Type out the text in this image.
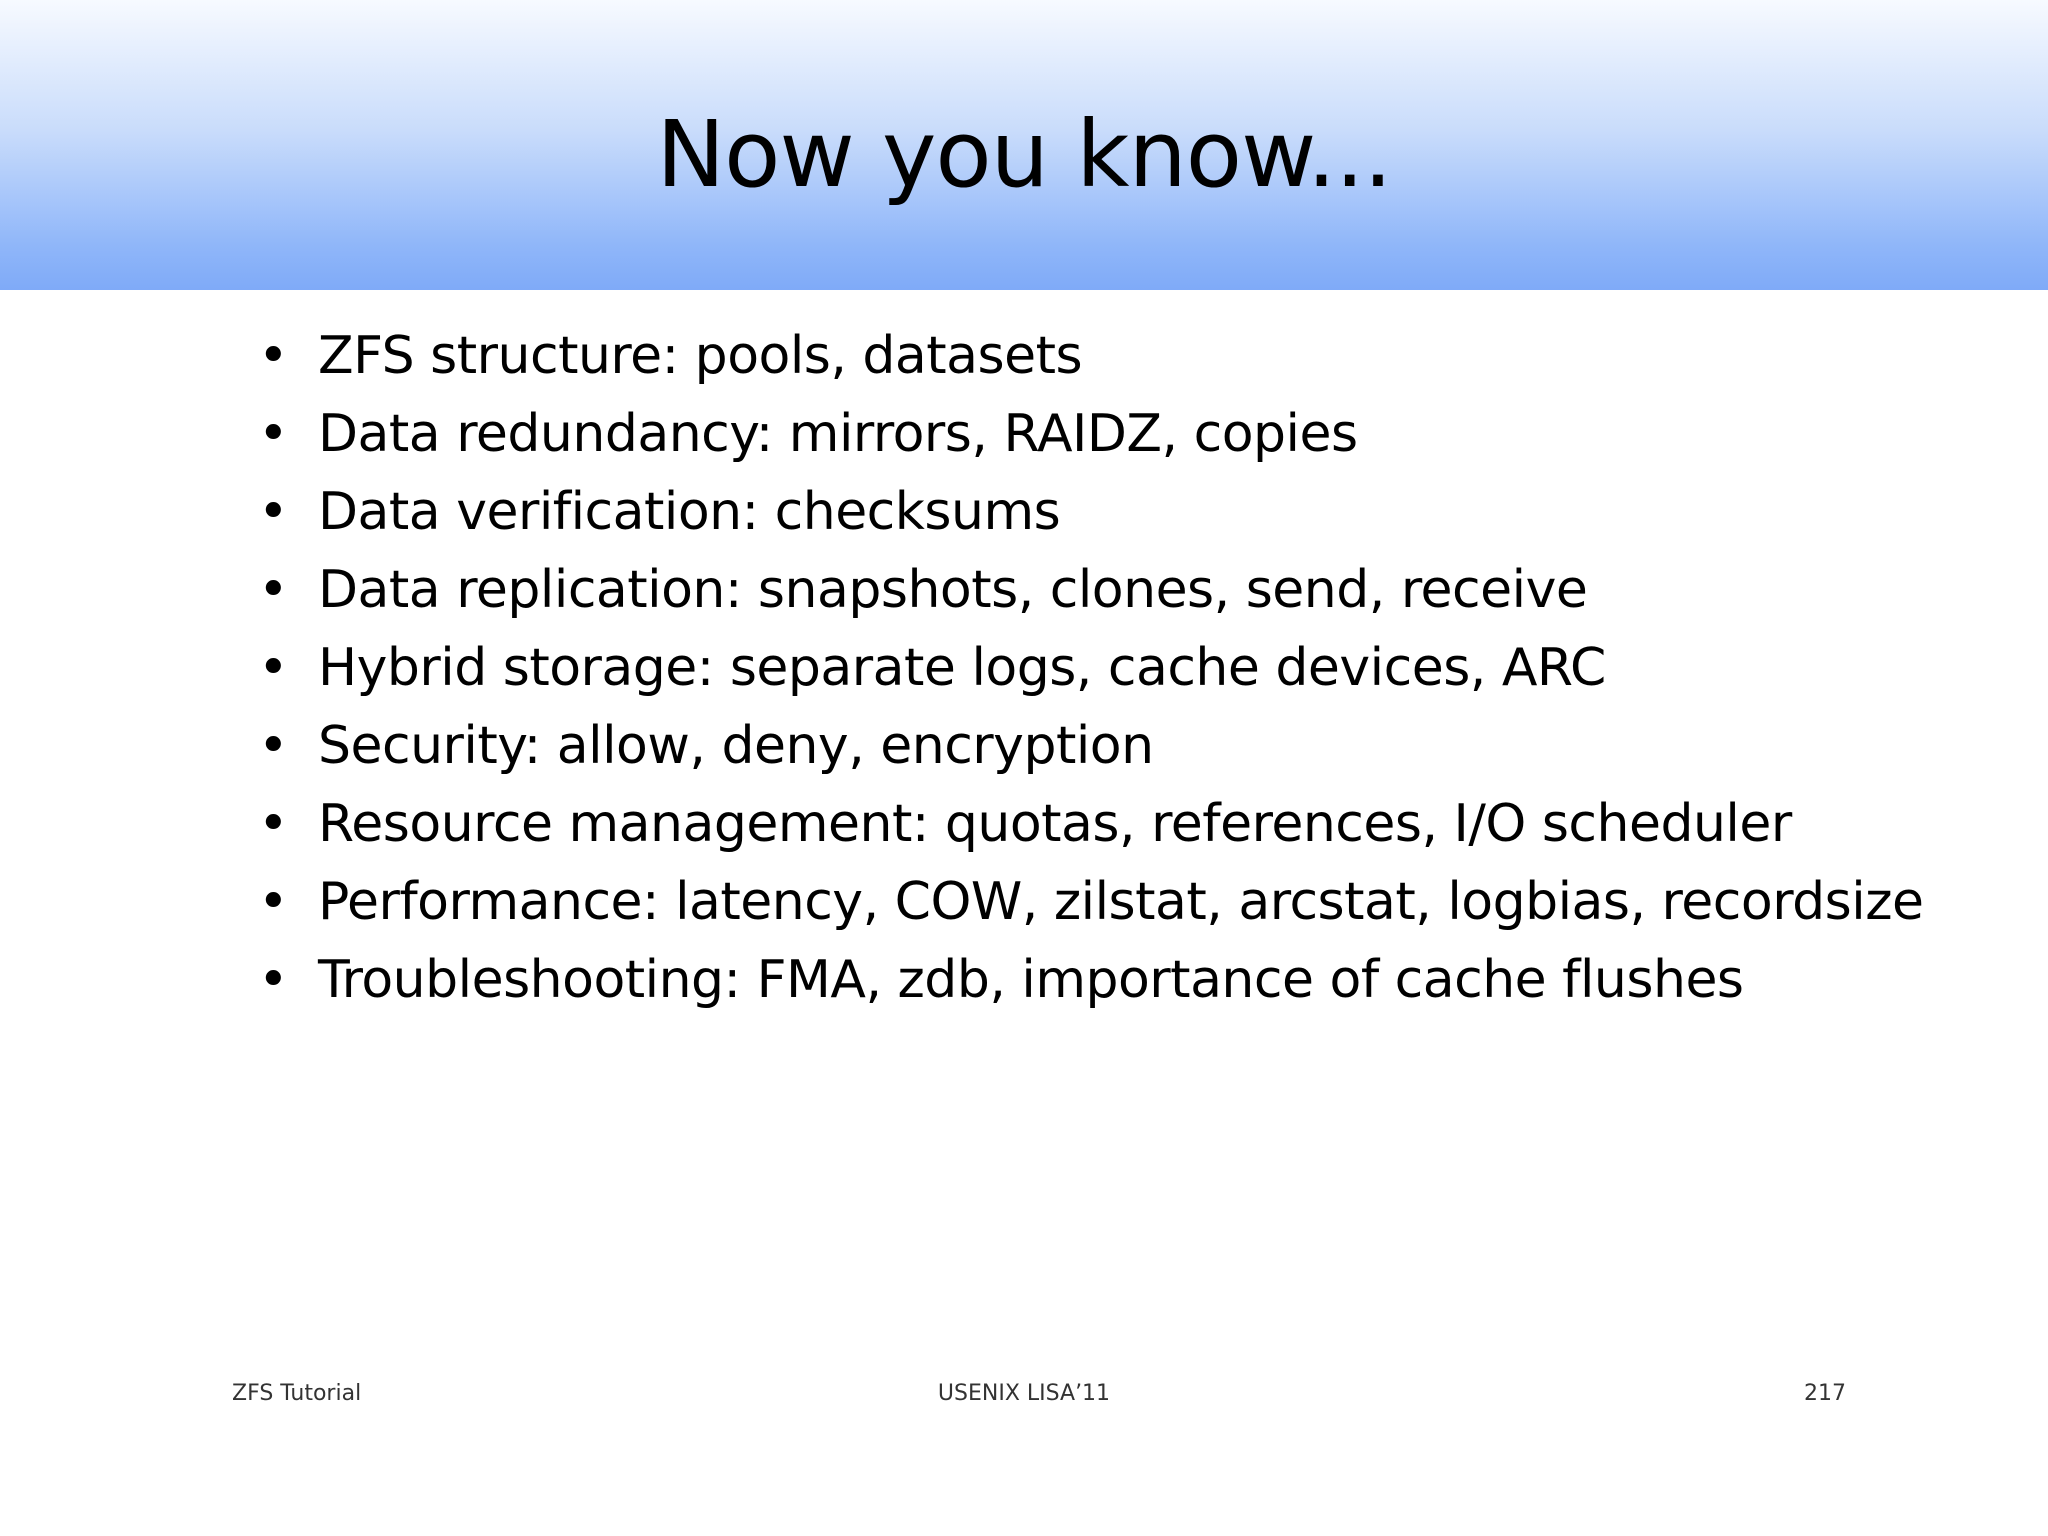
Now you know...
• ZFS structure: pools, datasets
• Data redundancy: mirrors, RAIDZ, copies
• Data verification: checksums
• Data replication: snapshots, clones, send, receive
• Hybrid storage: separate logs, cache devices, ARC
• Security: allow, deny, encryption
• Resource management: quotas, references, I/O scheduler
• Performance: latency, COW, zilstat, arcstat, logbias, recordsize
• Troubleshooting: FMA, zdb, importance of cache flushes
ZFS Tutorial	USENIX LISA’11	217
